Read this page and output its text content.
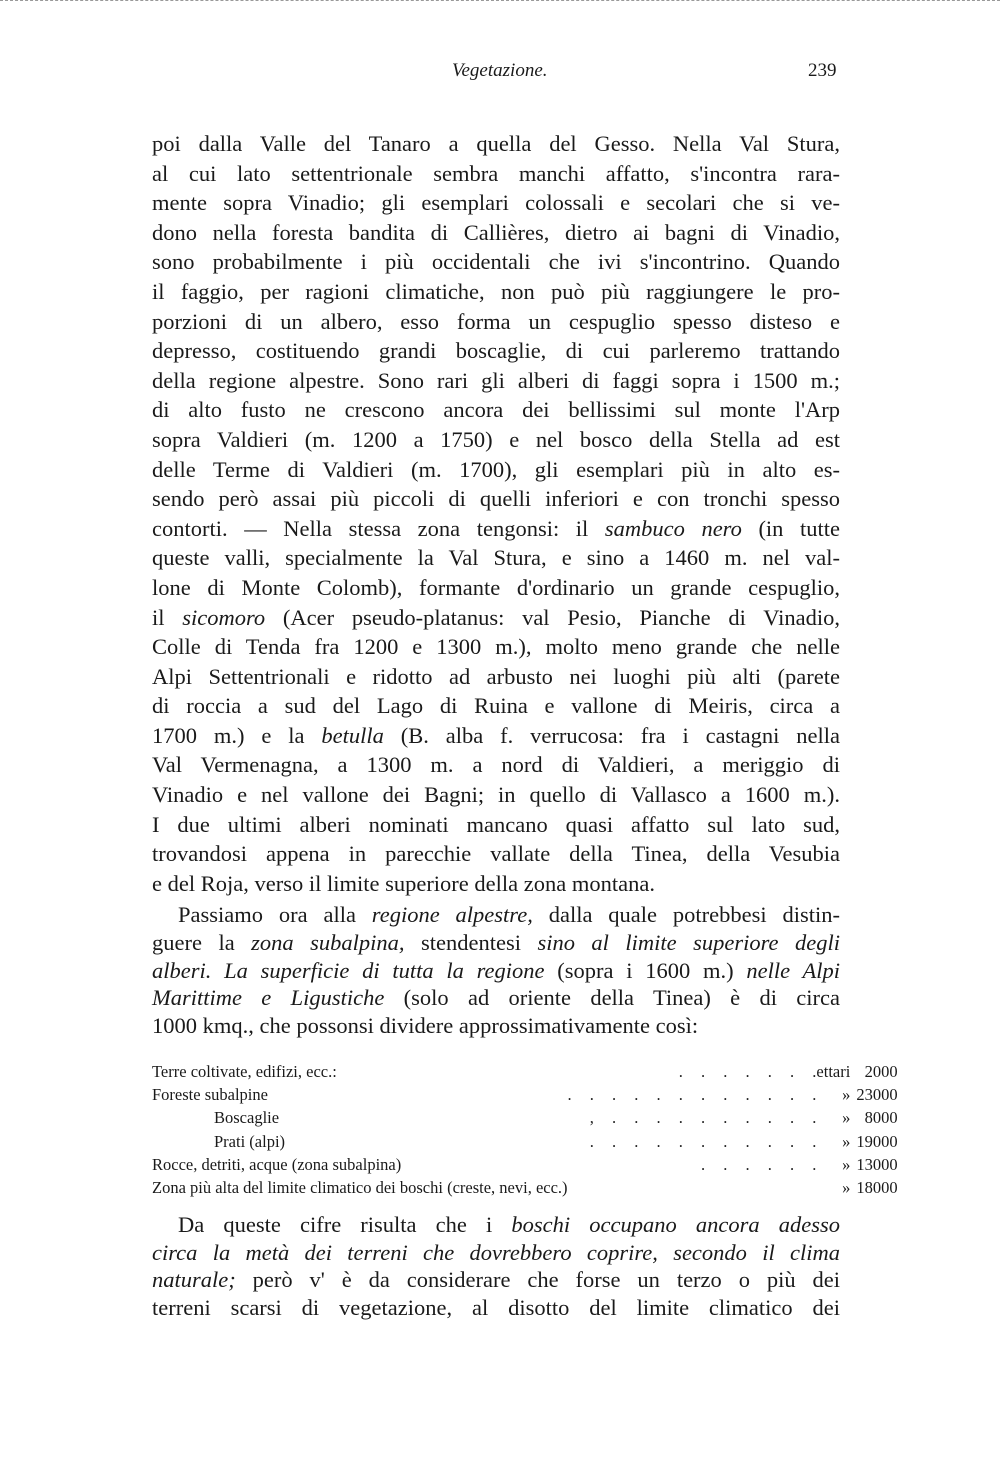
Vegetazione.	239
poi dalla Valle del Tanaro a quella del Gesso. Nella Val Stura,
al cui lato settentrionale sembra manchi affatto, s'incontra rara-
mente sopra Vinadio; gli esemplari colossali e secolari che si ve-
dono nella foresta bandita di Callières, dietro ai bagni di Vinadio,
sono probabilmente i più occidentali che ivi s'incontrino. Quando
il faggio, per ragioni climatiche, non può più raggiungere le pro-
porzioni di un albero, esso forma un cespuglio spesso disteso e
depresso, costituendo grandi boscaglie, di cui parleremo trattando
della regione alpestre. Sono rari gli alberi di faggi sopra i 1500 m.;
di alto fusto ne crescono ancora dei bellissimi sul monte l'Arp
sopra Valdieri (m. 1200 a 1750) e nel bosco della Stella ad est
delle Terme di Valdieri (m. 1700), gli esemplari più in alto es-
sendo però assai più piccoli di quelli inferiori e con tronchi spesso
contorti. — Nella stessa zona tengonsi: il sambuco nero (in tutte
queste valli, specialmente la Val Stura, e sino a 1460 m. nel val-
lone di Monte Colomb), formante d'ordinario un grande cespuglio,
il sicomoro (Acer pseudo-platanus: val Pesio, Pianche di Vinadio,
Colle di Tenda fra 1200 e 1300 m.), molto meno grande che nelle
Alpi Settentrionali e ridotto ad arbusto nei luoghi più alti (parete
di roccia a sud del Lago di Ruina e vallone di Meiris, circa a
1700 m.) e la betulla (B. alba f. verrucosa: fra i castagni nella
Val Vermenagna, a 1300 m. a nord di Valdieri, a meriggio di
Vinadio e nel vallone dei Bagni; in quello di Vallasco a 1600 m.).
I due ultimi alberi nominati mancano quasi affatto sul lato sud,
trovandosi appena in parecchie vallate della Tinea, della Vesubia
e del Roja, verso il limite superiore della zona montana.
Passiamo ora alla regione alpestre, dalla quale potrebbesi distin-
guere la zona subalpina, stendentesi sino al limite superiore degli
alberi. La superficie di tutta la regione (sopra i 1600 m.) nelle Alpi
Marittime e Ligustiche (solo ad oriente della Tinea) è di circa
1000 kmq., che possonsi dividere approssimativamente così:
Terre coltivate, edifizi, ecc.:	. . . . . . .	ettari	2000
Foreste subalpine	. . . . . . . . . . . .	»	23000
Boscaglie	, . . . . . . . . . .	»	8000
Prati (alpi)	. . . . . . . . . . .	»	19000
Rocce, detriti, acque (zona subalpina)	. . . . . .	»	13000
Zona più alta del limite climatico dei boschi (creste, nevi, ecc.)		»	18000
Da queste cifre risulta che i boschi occupano ancora adesso
circa la metà dei terreni che dovrebbero coprire, secondo il clima
naturale; però v' è da considerare che forse un terzo o più dei
terreni scarsi di vegetazione, al disotto del limite climatico dei
